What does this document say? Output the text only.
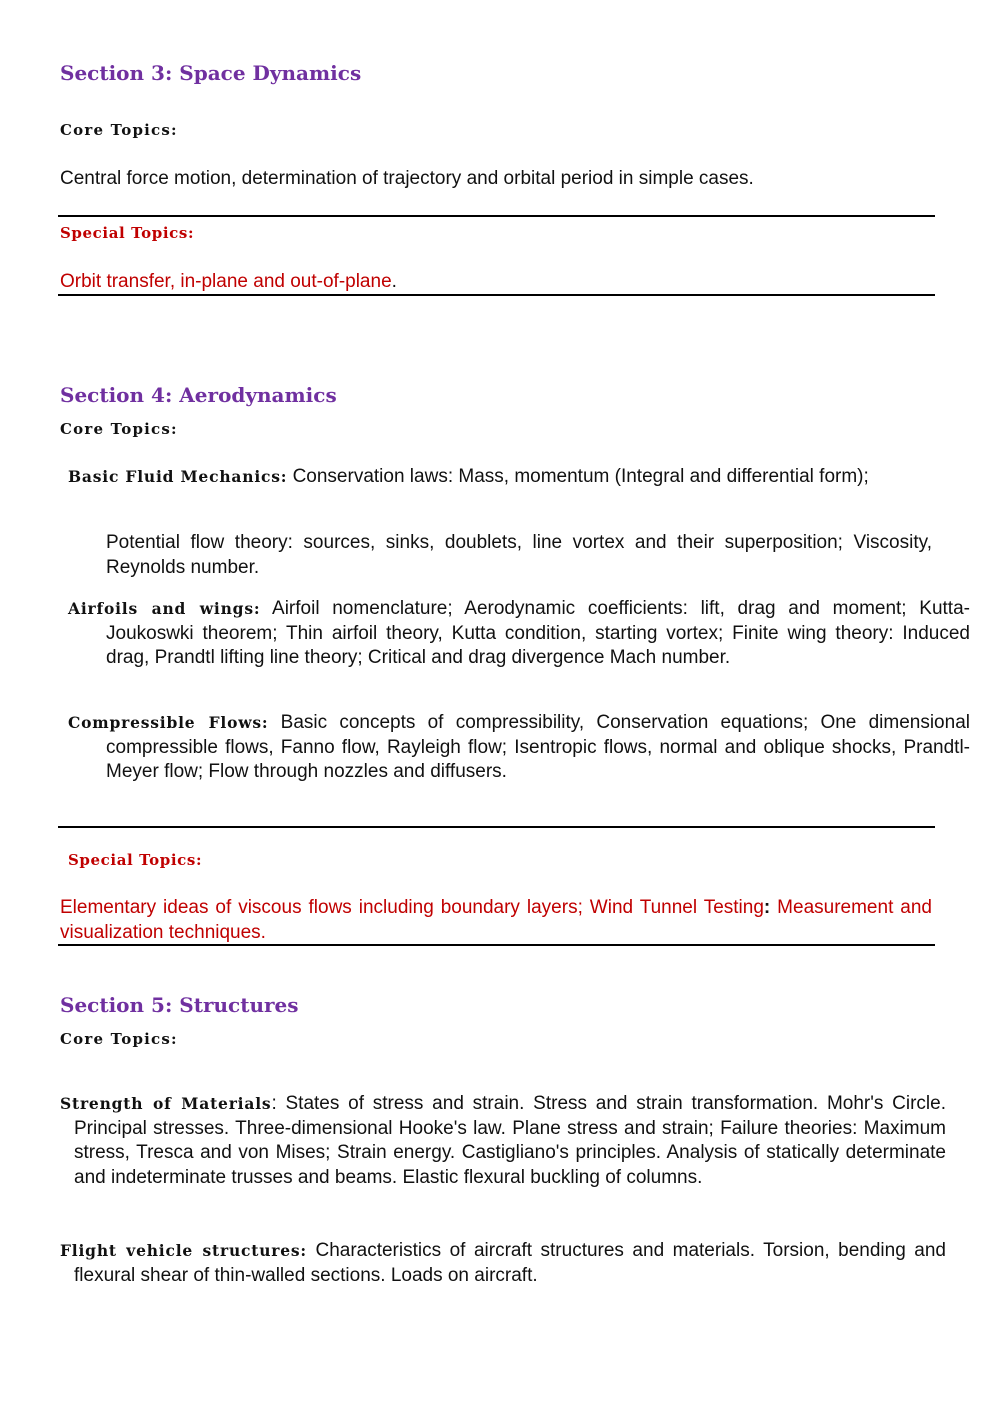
Section 3: Space Dynamics
Core Topics:
Central force motion, determination of trajectory and orbital period in simple cases.
Special Topics:
Orbit transfer, in-plane and out-of-plane.
Section 4: Aerodynamics
Core Topics:
Basic Fluid Mechanics: Conservation laws: Mass, momentum (Integral and differential form);
Potential flow theory: sources, sinks, doublets, line vortex and their superposition; Viscosity, Reynolds number.
Airfoils and wings: Airfoil nomenclature; Aerodynamic coefficients: lift, drag and moment; Kutta-Joukoswki theorem; Thin airfoil theory, Kutta condition, starting vortex; Finite wing theory: Induced drag, Prandtl lifting line theory; Critical and drag divergence Mach number.
Compressible Flows: Basic concepts of compressibility, Conservation equations; One dimensional compressible flows, Fanno flow, Rayleigh flow; Isentropic flows, normal and oblique shocks, Prandtl-Meyer flow; Flow through nozzles and diffusers.
Special Topics:
Elementary ideas of viscous flows including boundary layers; Wind Tunnel Testing: Measurement and visualization techniques.
Section 5: Structures
Core Topics:
Strength of Materials: States of stress and strain. Stress and strain transformation. Mohr's Circle. Principal stresses. Three-dimensional Hooke's law. Plane stress and strain; Failure theories: Maximum stress, Tresca and von Mises; Strain energy. Castigliano's principles. Analysis of statically determinate and indeterminate trusses and beams. Elastic flexural buckling of columns.
Flight vehicle structures: Characteristics of aircraft structures and materials. Torsion, bending and flexural shear of thin-walled sections. Loads on aircraft.
